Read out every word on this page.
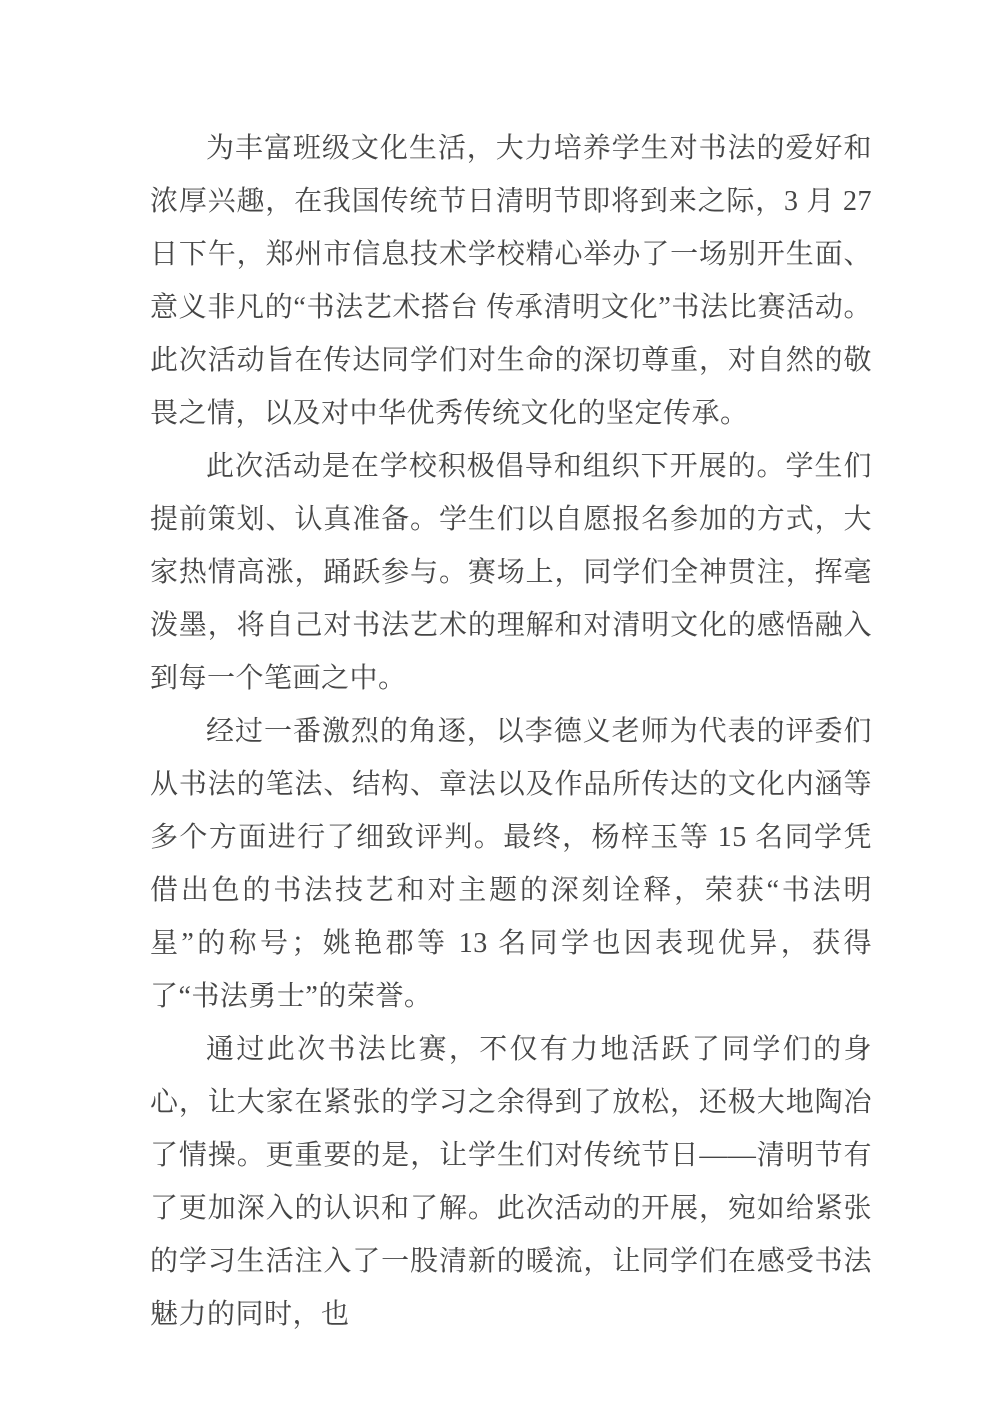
为丰富班级文化生活，大力培养学生对书法的爱好和浓厚兴趣，在我国传统节日清明节即将到来之际，3 月 27 日下午，郑州市信息技术学校精心举办了一场别开生面、意义非凡的“书法艺术搭台 传承清明文化”书法比赛活动。此次活动旨在传达同学们对生命的深切尊重，对自然的敬畏之情，以及对中华优秀传统文化的坚定传承。

此次活动是在学校积极倡导和组织下开展的。学生们提前策划、认真准备。学生们以自愿报名参加的方式，大家热情高涨，踊跃参与。赛场上，同学们全神贯注，挥毫泼墨，将自己对书法艺术的理解和对清明文化的感悟融入到每一个笔画之中。

经过一番激烈的角逐，以李德义老师为代表的评委们从书法的笔法、结构、章法以及作品所传达的文化内涵等多个方面进行了细致评判。最终，杨梓玉等 15 名同学凭借出色的书法技艺和对主题的深刻诠释，荣获“书法明星”的称号；姚艳郡等 13 名同学也因表现优异，获得了“书法勇士”的荣誉。

通过此次书法比赛，不仅有力地活跃了同学们的身心，让大家在紧张的学习之余得到了放松，还极大地陶冶了情操。更重要的是，让学生们对传统节日——清明节有了更加深入的认识和了解。此次活动的开展，宛如给紧张的学习生活注入了一股清新的暖流，让同学们在感受书法魅力的同时，也
